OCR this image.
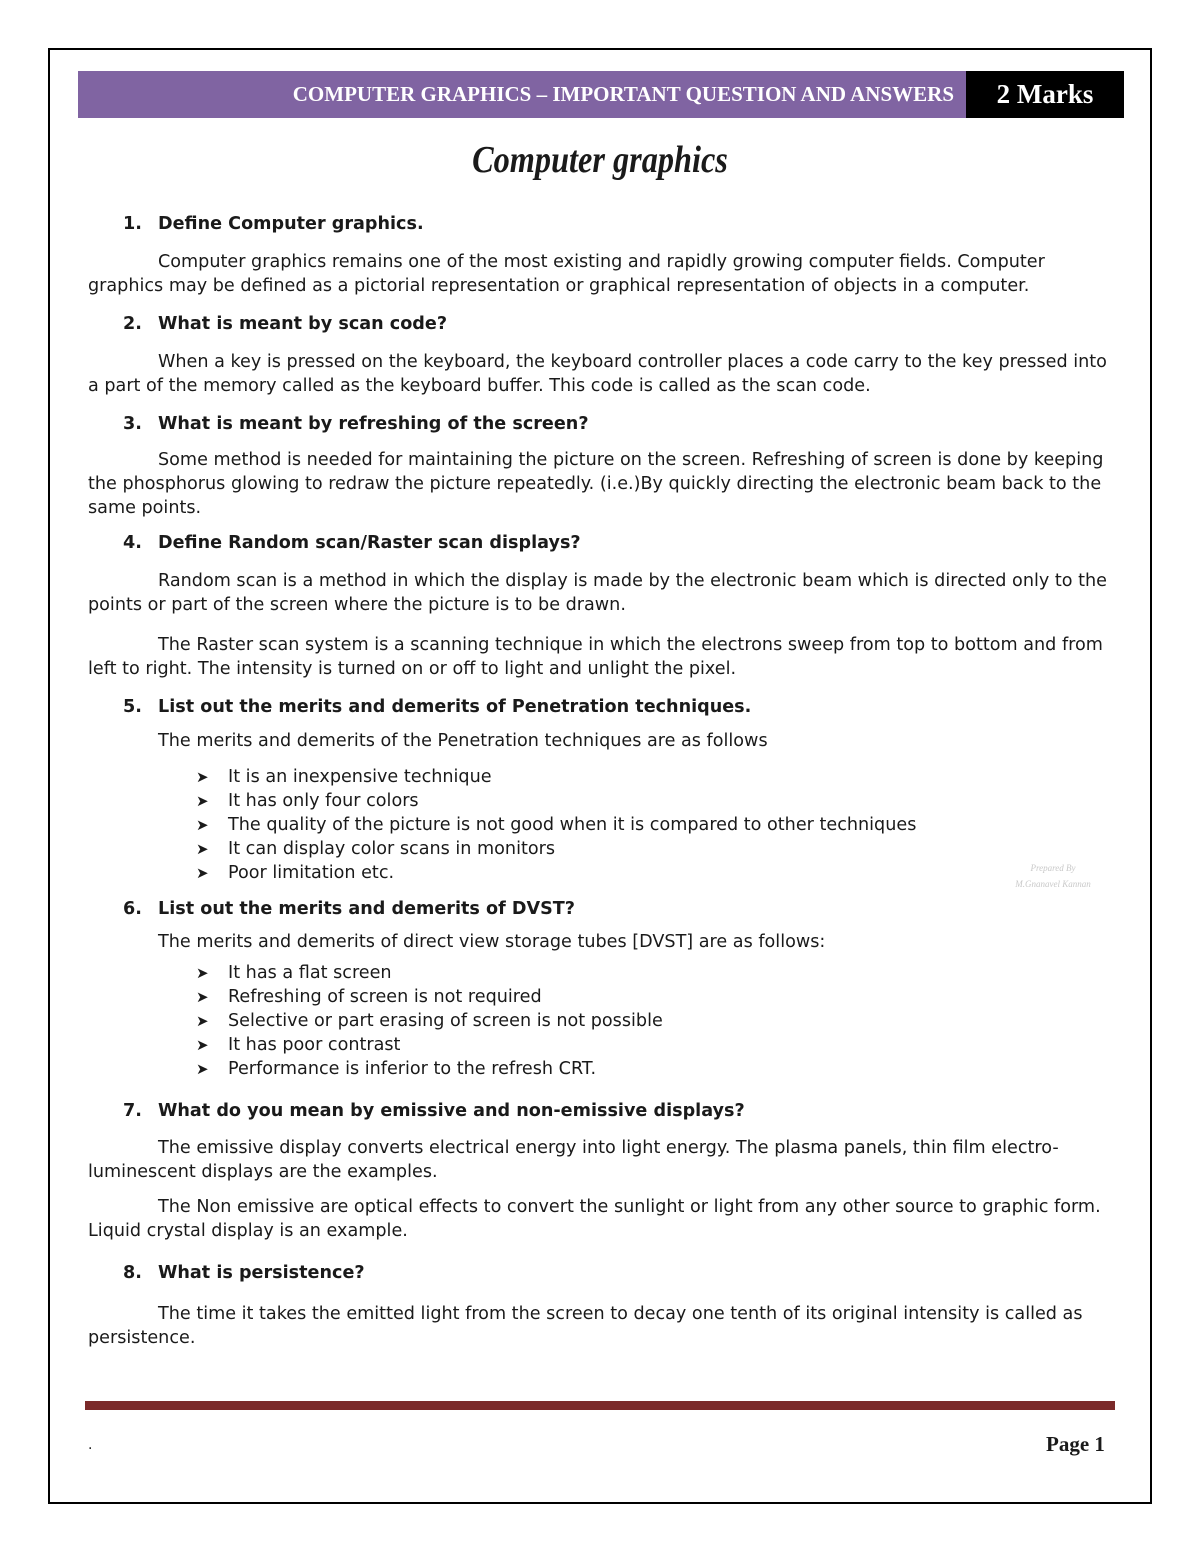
COMPUTER GRAPHICS – IMPORTANT QUESTION AND ANSWERS	2 Marks
Computer graphics
1. Define Computer graphics.

Computer graphics remains one of the most existing and rapidly growing computer fields. Computer graphics may be defined as a pictorial representation or graphical representation of objects in a computer.

2. What is meant by scan code?

When a key is pressed on the keyboard, the keyboard controller places a code carry to the key pressed into a part of the memory called as the keyboard buffer. This code is called as the scan code.

3. What is meant by refreshing of the screen?

Some method is needed for maintaining the picture on the screen. Refreshing of screen is done by keeping the phosphorus glowing to redraw the picture repeatedly. (i.e.)By quickly directing the electronic beam back to the same points.

4. Define Random scan/Raster scan displays?

Random scan is a method in which the display is made by the electronic beam which is directed only to the points or part of the screen where the picture is to be drawn.

The Raster scan system is a scanning technique in which the electrons sweep from top to bottom and from left to right. The intensity is turned on or off to light and unlight the pixel.

5. List out the merits and demerits of Penetration techniques.

The merits and demerits of the Penetration techniques are as follows

➤ It is an inexpensive technique
➤ It has only four colors
➤ The quality of the picture is not good when it is compared to other techniques
➤ It can display color scans in monitors
➤ Poor limitation etc.
6. List out the merits and demerits of DVST?

The merits and demerits of direct view storage tubes [DVST] are as follows:

➤ It has a flat screen
➤ Refreshing of screen is not required
➤ Selective or part erasing of screen is not possible
➤ It has poor contrast
➤ Performance is inferior to the refresh CRT.
7. What do you mean by emissive and non-emissive displays?

The emissive display converts electrical energy into light energy. The plasma panels, thin film electro-luminescent displays are the examples.

The Non emissive are optical effects to convert the sunlight or light from any other source to graphic form. Liquid crystal display is an example.

8. What is persistence?

The time it takes the emitted light from the screen to decay one tenth of its original intensity is called as persistence.

Prepared By
M.Gnanavel Kannan
.	Page 1
